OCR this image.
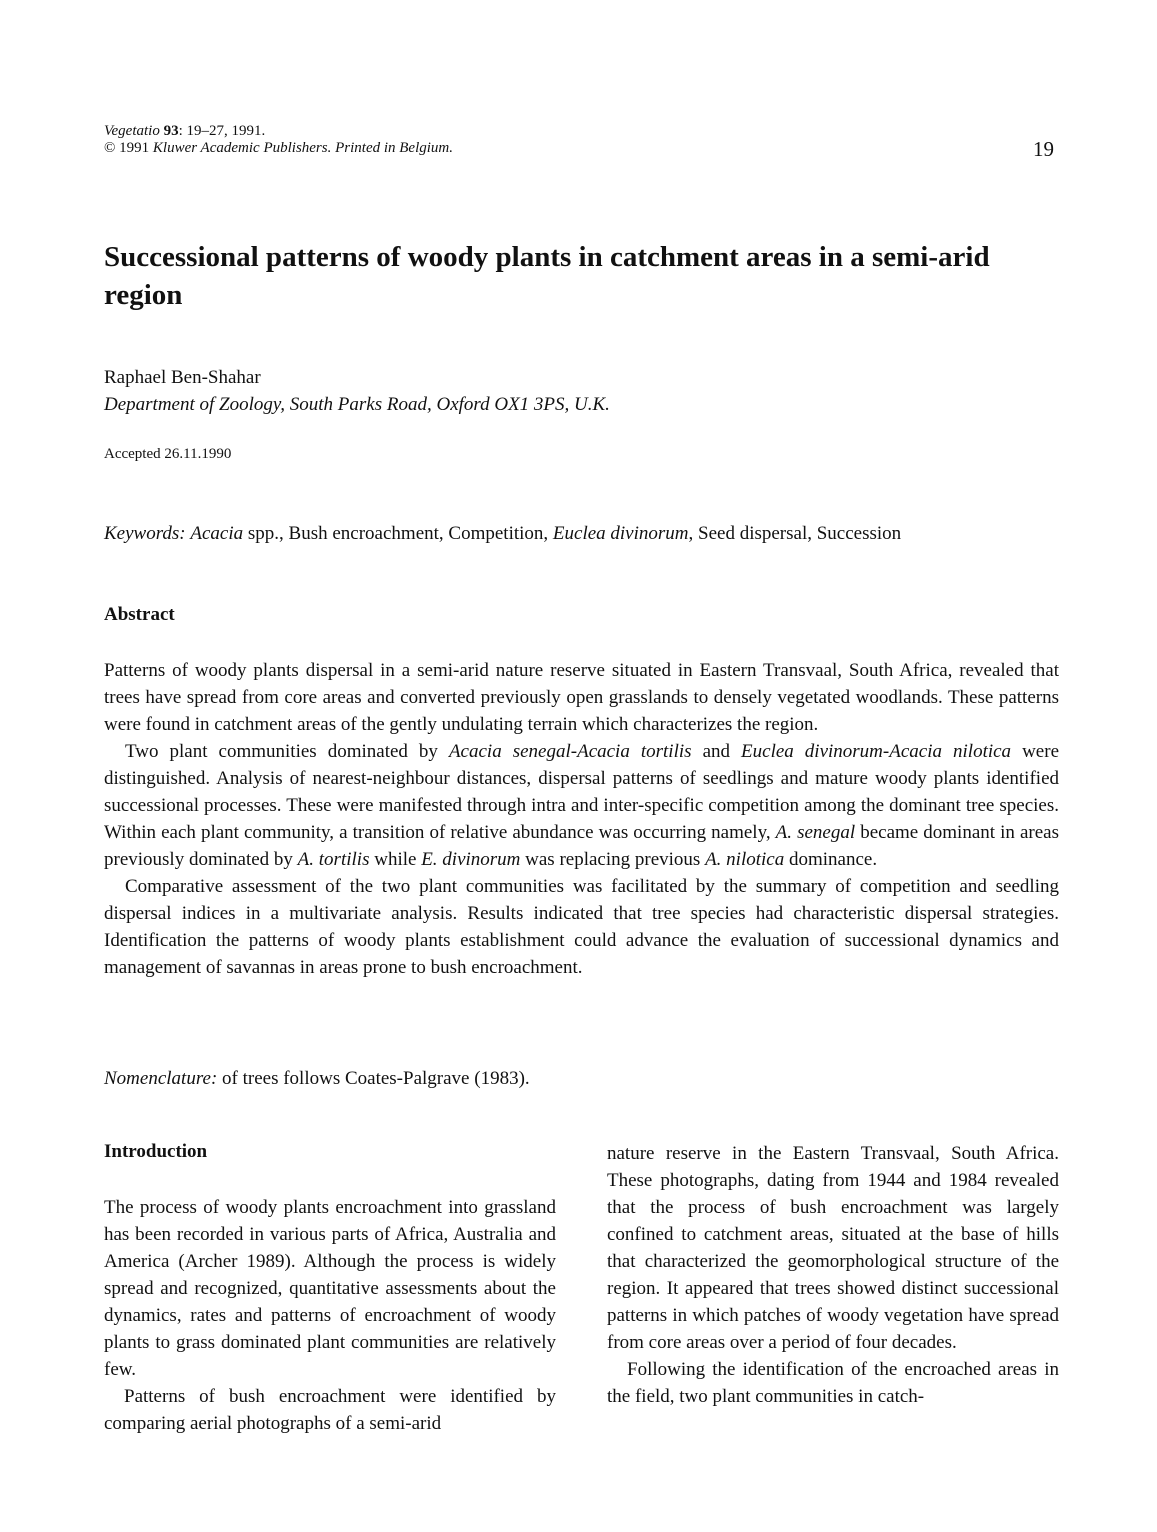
Vegetatio 93: 19–27, 1991.
© 1991 Kluwer Academic Publishers. Printed in Belgium.	19
Successional patterns of woody plants in catchment areas in a semi-arid region
Raphael Ben-Shahar
Department of Zoology, South Parks Road, Oxford OX1 3PS, U.K.
Accepted 26.11.1990
Keywords: Acacia spp., Bush encroachment, Competition, Euclea divinorum, Seed dispersal, Succession
Abstract

Patterns of woody plants dispersal in a semi-arid nature reserve situated in Eastern Transvaal, South Africa, revealed that trees have spread from core areas and converted previously open grasslands to densely vegetated woodlands. These patterns were found in catchment areas of the gently undulating terrain which characterizes the region.

Two plant communities dominated by Acacia senegal-Acacia tortilis and Euclea divinorum-Acacia nilotica were distinguished. Analysis of nearest-neighbour distances, dispersal patterns of seedlings and mature woody plants identified successional processes. These were manifested through intra and inter-specific competition among the dominant tree species. Within each plant community, a transition of relative abundance was occurring namely, A. senegal became dominant in areas previously dominated by A. tortilis while E. divinorum was replacing previous A. nilotica dominance.

Comparative assessment of the two plant communities was facilitated by the summary of competition and seedling dispersal indices in a multivariate analysis. Results indicated that tree species had characteristic dispersal strategies. Identification the patterns of woody plants establishment could advance the evaluation of successional dynamics and management of savannas in areas prone to bush encroachment.

Nomenclature: of trees follows Coates-Palgrave (1983).
Introduction

The process of woody plants encroachment into grassland has been recorded in various parts of Africa, Australia and America (Archer 1989). Although the process is widely spread and recognized, quantitative assessments about the dynamics, rates and patterns of encroachment of woody plants to grass dominated plant communities are relatively few.

Patterns of bush encroachment were identified by comparing aerial photographs of a semi-arid

nature reserve in the Eastern Transvaal, South Africa. These photographs, dating from 1944 and 1984 revealed that the process of bush encroachment was largely confined to catchment areas, situated at the base of hills that characterized the geomorphological structure of the region. It appeared that trees showed distinct successional patterns in which patches of woody vegetation have spread from core areas over a period of four decades.

Following the identification of the encroached areas in the field, two plant communities in catch-
